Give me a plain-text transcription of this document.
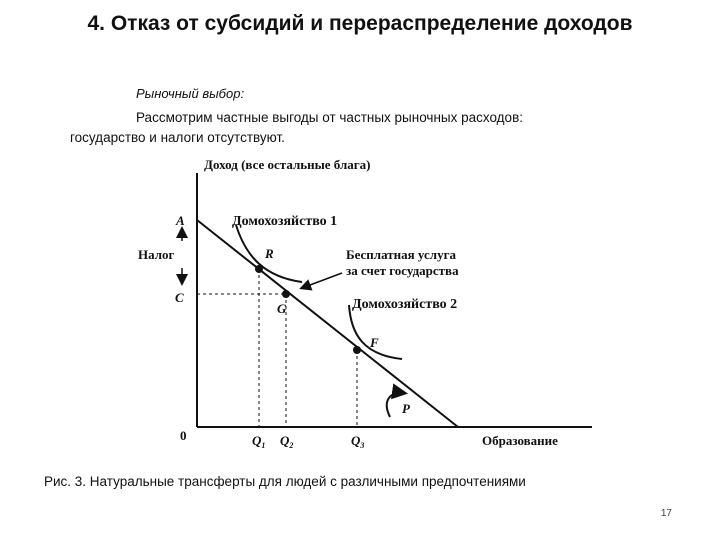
4. Отказ от субсидий и перераспределение доходов

Рыночный выбор:

Рассмотрим частные выгоды от частных рыночных расходов:
государство и налоги отсутствуют.

Доход (все остальные блага)
Образование
0
A
Налог
C
R
G
F
Домохозяйство 1
Бесплатная услуга
за счет государства
Домохозяйство 2
P
$Q_1$ $Q_2$	$Q_3$

Рис. 3. Натуральные трансферты для людей с различными предпочтениями

17
